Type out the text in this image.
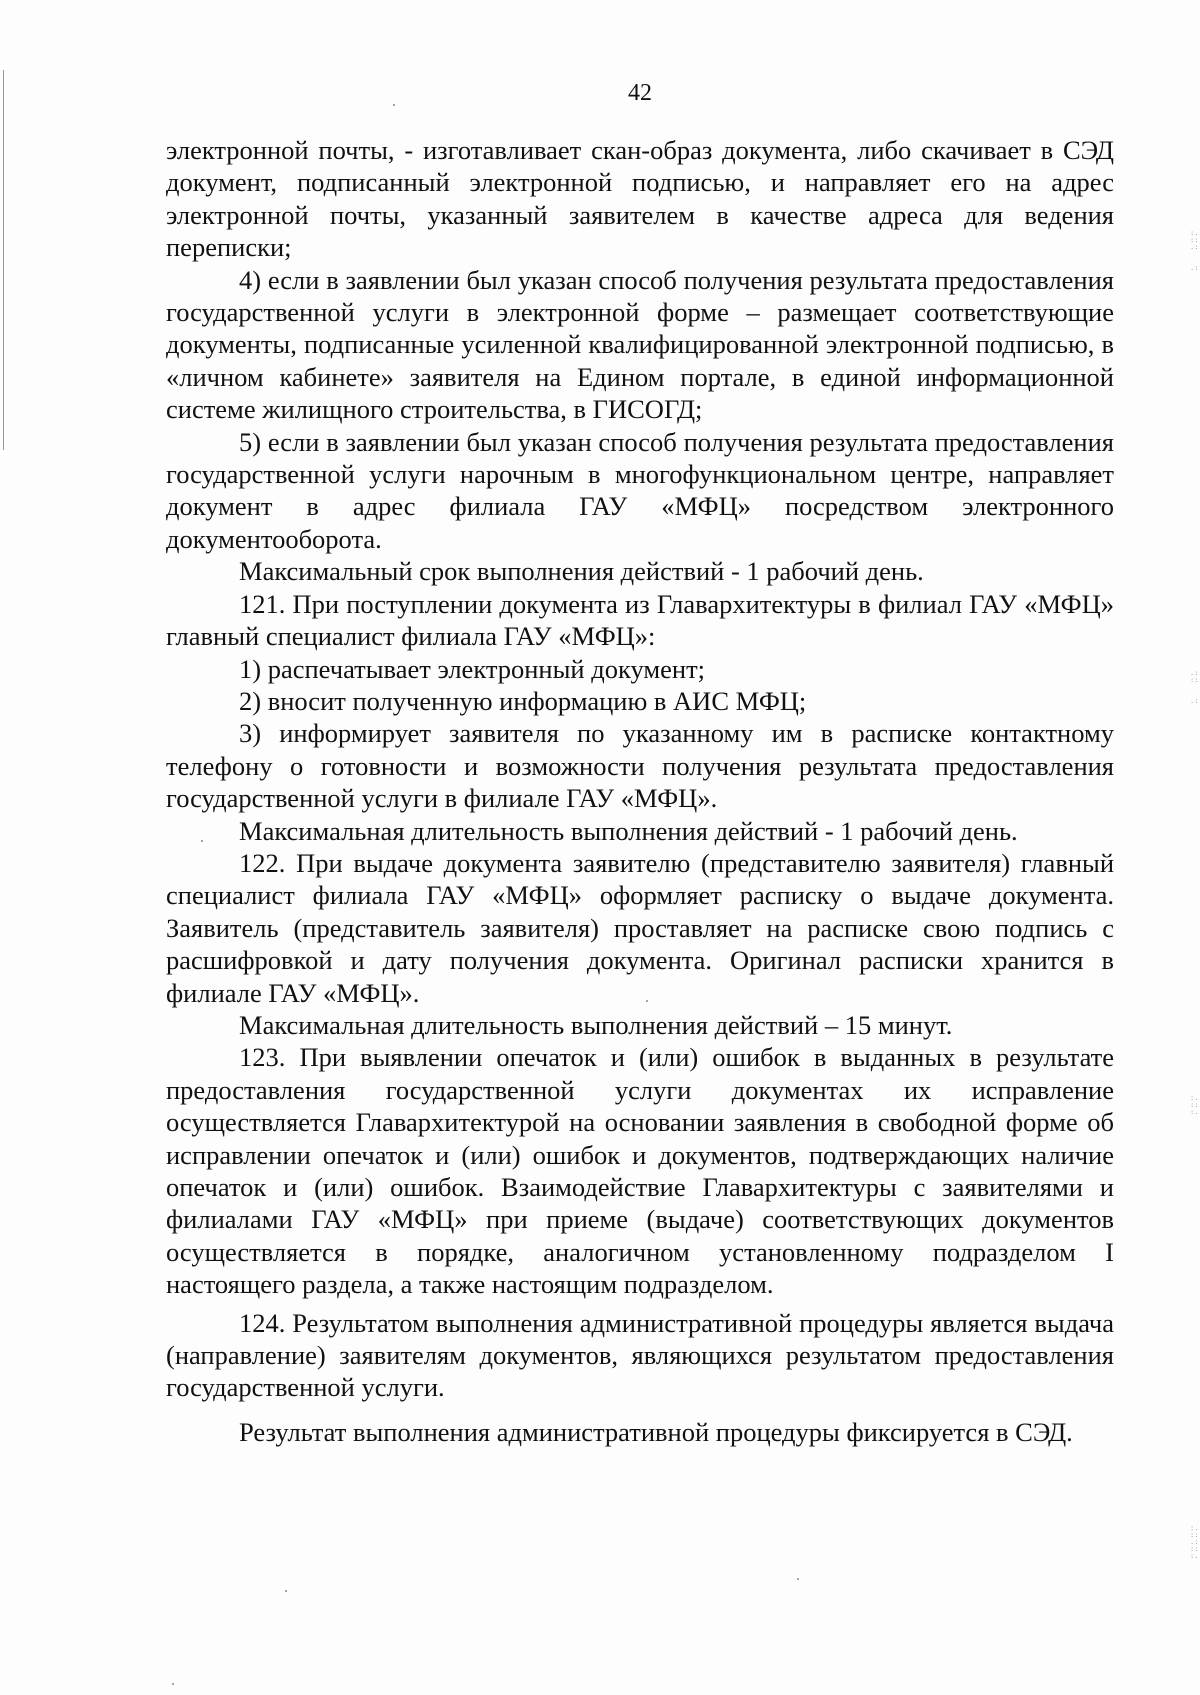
42

электронной почты, - изготавливает скан-образ документа, либо скачивает в СЭД документ, подписанный электронной подписью, и направляет его на адрес электронной почты, указанный заявителем в качестве адреса для ведения переписки;

4) если в заявлении был указан способ получения результата предоставления государственной услуги в электронной форме – размещает соответствующие документы, подписанные усиленной квалифицированной электронной подписью, в «личном кабинете» заявителя на Едином портале, в единой информационной системе жилищного строительства, в ГИСОГД;

5) если в заявлении был указан способ получения результата предоставления государственной услуги нарочным в многофункциональном центре, направляет документ в адрес филиала ГАУ «МФЦ» посредством электронного документооборота.

Максимальный срок выполнения действий - 1 рабочий день.

121. При поступлении документа из Главархитектуры в филиал ГАУ «МФЦ» главный специалист филиала ГАУ «МФЦ»:

1) распечатывает электронный документ;

2) вносит полученную информацию в АИС МФЦ;

3) информирует заявителя по указанному им в расписке контактному телефону о готовности и возможности получения результата предоставления государственной услуги в филиале ГАУ «МФЦ».

Максимальная длительность выполнения действий - 1 рабочий день.

122. При выдаче документа заявителю (представителю заявителя) главный специалист филиала ГАУ «МФЦ» оформляет расписку о выдаче документа. Заявитель (представитель заявителя) проставляет на расписке свою подпись с расшифровкой и дату получения документа. Оригинал расписки хранится в филиале ГАУ «МФЦ».

Максимальная длительность выполнения действий – 15 минут.

123. При выявлении опечаток и (или) ошибок в выданных в результате предоставления государственной услуги документах их исправление осуществляется Главархитектурой на основании заявления в свободной форме об исправлении опечаток и (или) ошибок и документов, подтверждающих наличие опечаток и (или) ошибок. Взаимодействие Главархитектуры с заявителями и филиалами ГАУ «МФЦ» при приеме (выдаче) соответствующих документов осуществляется в порядке, аналогичном установленному подразделом I настоящего раздела, а также настоящим подразделом.

124. Результатом выполнения административной процедуры является выдача (направление) заявителям документов, являющихся результатом предоставления государственной услуги.

Результат выполнения административной процедуры фиксируется в СЭД.

:.
::
.:

.:
.:
::

.:
:.
::
:.
:.
::
.:
::
:.
